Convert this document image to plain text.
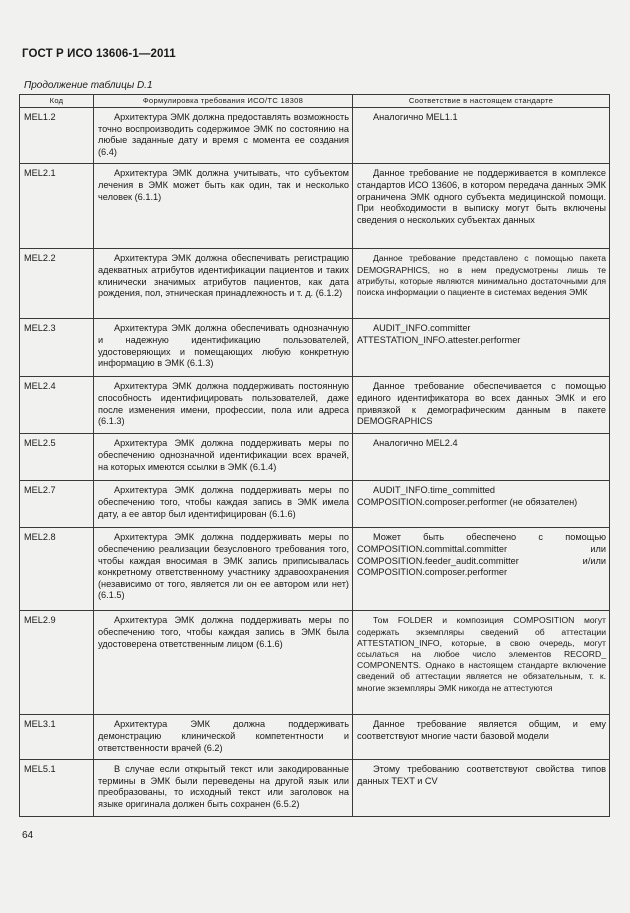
ГОСТ Р ИСО 13606-1—2011
Продолжение таблицы D.1
Код	Формулировка требования ИСО/ТС 18308	Соответствие в настоящем стандарте
MEL1.2	Архитектура ЭМК должна предоставлять возможность точно воспроизводить содержимое ЭМК по состоянию на любые заданные дату и время с момента ее создания (6.4)	Аналогично MEL1.1

MEL2.1	Архитектура ЭМК должна учитывать, что субъектом лечения в ЭМК может быть как один, так и несколько человек (6.1.1)	Данное требование не поддерживается в комплексе стандартов ИСО 13606, в котором передача данных ЭМК ограничена ЭМК одного субъекта медицинской помощи. При необходимости в выписку могут быть включены сведения о нескольких субъектах данных

MEL2.2	Архитектура ЭМК должна обеспечивать регистрацию адекватных атрибутов идентификации пациентов и таких клинически значимых атрибутов пациентов, как дата рождения, пол, этническая принадлежность и т. д. (6.1.2)	Данное требование представлено с помощью пакета DEMOGRAPHICS, но в нем предусмотрены лишь те атрибуты, которые являются минимально достаточными для поиска информации о пациенте в системах ведения ЭМК

MEL2.3	Архитектура ЭМК должна обеспечивать однозначную и надежную идентификацию пользователей, удостоверяющих и помещающих любую конкретную информацию в ЭМК (6.1.3)	AUDIT_INFO.committer ATTESTATION_INFO.attester.performer

MEL2.4	Архитектура ЭМК должна поддерживать постоянную способность идентифицировать пользователей, даже после изменения имени, профессии, пола или адреса (6.1.3)	Данное требование обеспечивается с помощью единого идентификатора во всех данных ЭМК и его привязкой к демографическим данным в пакете DEMOGRAPHICS

MEL2.5	Архитектура ЭМК должна поддерживать меры по обеспечению однозначной идентификации всех врачей, на которых имеются ссылки в ЭМК (6.1.4)	Аналогично MEL2.4

MEL2.7	Архитектура ЭМК должна поддерживать меры по обеспечению того, чтобы каждая запись в ЭМК имела дату, а ее автор был идентифицирован (6.1.6)	AUDIT_INFO.time_committed COMPOSITION.composer.performer (не обязателен)

MEL2.8	Архитектура ЭМК должна поддерживать меры по обеспечению реализации безусловного требования того, чтобы каждая вносимая в ЭМК запись приписывалась конкретному ответственному участнику здравоохранения (независимо от того, является ли он ее автором или нет) (6.1.5)	Может быть обеспечено с помощью COMPOSITION.committal.committer или COMPOSITION.feeder_audit.committer и/или COMPOSITION.composer.performer

MEL2.9	Архитектура ЭМК должна поддерживать меры по обеспечению того, чтобы каждая запись в ЭМК была удостоверена ответственным лицом (6.1.6)	Том FOLDER и композиция COMPOSITION могут содержать экземпляры сведений об аттестации ATTESTATION_INFO, которые, в свою очередь, могут ссылаться на любое число элементов RECORD_ COMPONENTS. Однако в настоящем стандарте включение сведений об аттестации является не обязательным, т. к. многие экземпляры ЭМК никогда не аттестуются

MEL3.1	Архитектура ЭМК должна поддерживать демонстрацию клинической компетентности и ответственности врачей (6.2)	Данное требование является общим, и ему соответствуют многие части базовой модели

MEL5.1	В случае если открытый текст или закодированные термины в ЭМК были переведены на другой язык или преобразованы, то исходный текст или заголовок на языке оригинала должен быть сохранен (6.5.2)	Этому требованию соответствуют свойства типов данных TEXT и CV
64
